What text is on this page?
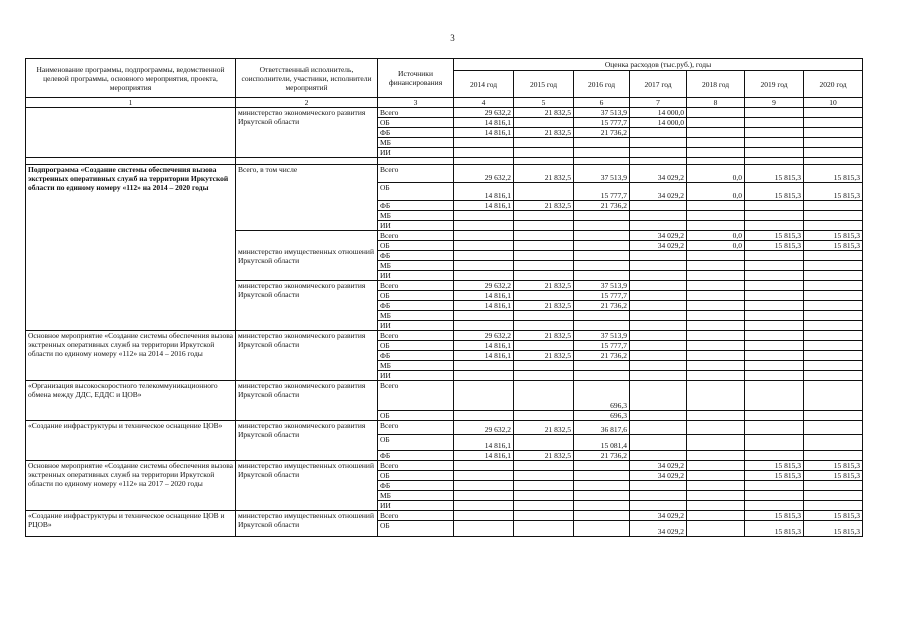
3
Наименование программы, подпрограммы, ведомственной целевой программы, основного мероприятия, проекта, мероприятия	Ответственный исполнитель, соисполнители, участники, исполнители мероприятий	Источники финансирования	Оценка расходов (тыс.руб.), годы						
			2014 год	2015 год	2016 год	2017 год	2018 год	2019 год	2020 год
1	2	3	4	5	6	7	8	9	10
	министерство экономического развития Иркутской области	Всего	29 632,2	21 832,5	37 513,9	14 000,0			
		ОБ	14 816,1		15 777,7	14 000,0			
		ФБ	14 816,1	21 832,5	21 736,2				
		МБ							
		ИИ							

Подпрограмма «Создание системы обеспечения вызова экстренных оперативных служб на территории Иркутской области по единому номеру «112» на 2014 – 2020 годы	Всего, в том числе	Всего	29 632,2	21 832,5	37 513,9	34 029,2	0,0	15 815,3	15 815,3
		ОБ	14 816,1		15 777,7	34 029,2	0,0	15 815,3	15 815,3
		ФБ	14 816,1	21 832,5	21 736,2				
		МБ							
		ИИ							
	министерство имущественных отношений Иркутской области	Всего				34 029,2	0,0	15 815,3	15 815,3
		ОБ				34 029,2	0,0	15 815,3	15 815,3
		ФБ							
		МБ							
		ИИ							
	министерство экономического развития Иркутской области	Всего	29 632,2	21 832,5	37 513,9				
		ОБ	14 816,1		15 777,7				
		ФБ	14 816,1	21 832,5	21 736,2				
		МБ							
		ИИ							
Основное мероприятие «Создание системы обеспечения вызова экстренных оперативных служб на территории Иркутской области по единому номеру «112» на 2014 – 2016 годы	министерство экономического развития Иркутской области	Всего	29 632,2	21 832,5	37 513,9				
		ОБ	14 816,1		15 777,7				
		ФБ	14 816,1	21 832,5	21 736,2				
		МБ							
		ИИ							
«Организация высокоскоростного телекоммуникационного обмена между ДДС, ЕДДС и ЦОВ»	министерство экономического развития Иркутской области	Всего			696,3				
		ОБ			696,3				
«Создание инфраструктуры и техническое оснащение ЦОВ»	министерство экономического развития Иркутской области	Всего	29 632,2	21 832,5	36 817,6				
		ОБ	14 816,1		15 081,4				
		ФБ	14 816,1	21 832,5	21 736,2				
Основное мероприятие «Создание системы обеспечения вызова экстренных оперативных служб на территории Иркутской области по единому номеру «112» на 2017 – 2020 годы	министерство имущественных отношений Иркутской области	Всего				34 029,2		15 815,3	15 815,3
		ОБ				34 029,2		15 815,3	15 815,3
		ФБ							
		МБ							
		ИИ							
«Создание инфраструктуры и техническое оснащение ЦОВ и РЦОВ»	министерство имущественных отношений Иркутской области	Всего				34 029,2		15 815,3	15 815,3
		ОБ				34 029,2		15 815,3	15 815,3
